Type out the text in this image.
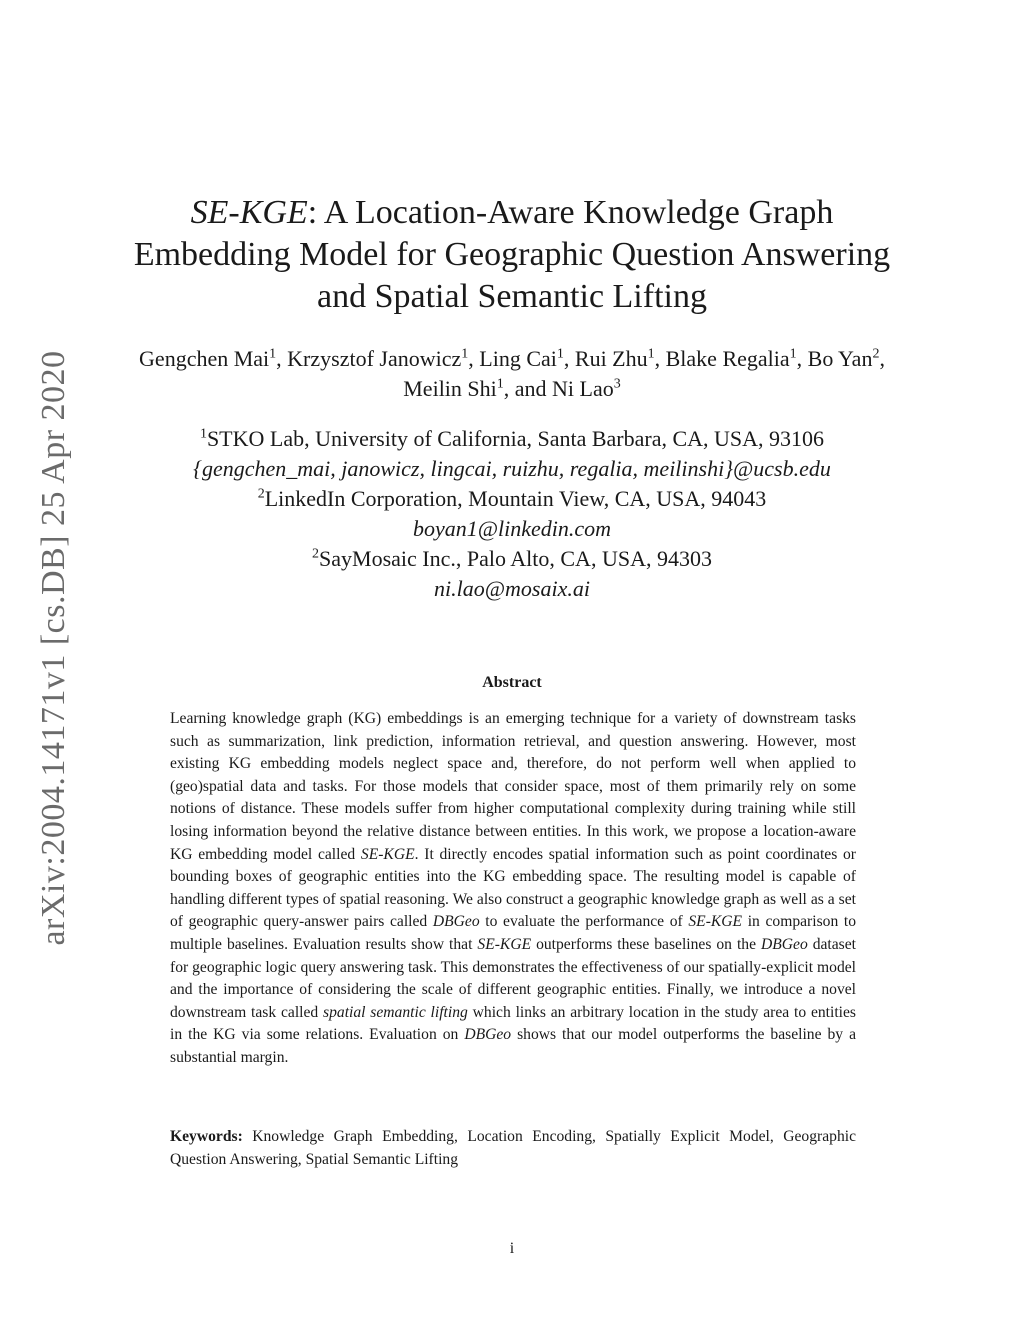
arXiv:2004.14171v1 [cs.DB] 25 Apr 2020
SE-KGE: A Location-Aware Knowledge Graph
Embedding Model for Geographic Question Answering
and Spatial Semantic Lifting
Gengchen Mai$^1$, Krzysztof Janowicz$^1$, Ling Cai$^1$, Rui Zhu$^1$, Blake Regalia$^1$, Bo Yan$^2$, Meilin Shi$^1$, and Ni Lao$^3$
$^1$STKO Lab, University of California, Santa Barbara, CA, USA, 93106
{gengchen_mai, janowicz, lingcai, ruizhu, regalia, meilinshi}@ucsb.edu
$^2$LinkedIn Corporation, Mountain View, CA, USA, 94043
boyan1@linkedin.com
$^2$SayMosaic Inc., Palo Alto, CA, USA, 94303
ni.lao@mosaix.ai
Abstract
Learning knowledge graph (KG) embeddings is an emerging technique for a variety of downstream tasks such as summarization, link prediction, information retrieval, and question answering. However, most existing KG embedding models neglect space and, therefore, do not perform well when applied to (geo)spatial data and tasks. For those models that consider space, most of them primarily rely on some notions of distance. These models suffer from higher computational complexity during training while still losing information beyond the relative distance between entities. In this work, we propose a location-aware KG embedding model called SE-KGE. It directly encodes spatial information such as point coordinates or bounding boxes of geographic entities into the KG embedding space. The resulting model is capable of handling different types of spatial reasoning. We also construct a geographic knowledge graph as well as a set of geographic query-answer pairs called DBGeo to evaluate the performance of SE-KGE in comparison to multiple baselines. Evaluation results show that SE-KGE outperforms these baselines on the DBGeo dataset for geographic logic query answering task. This demonstrates the effectiveness of our spatially-explicit model and the importance of considering the scale of different geographic entities. Finally, we introduce a novel downstream task called spatial semantic lifting which links an arbitrary location in the study area to entities in the KG via some relations. Evaluation on DBGeo shows that our model outperforms the baseline by a substantial margin.
Keywords: Knowledge Graph Embedding, Location Encoding, Spatially Explicit Model, Geographic Question Answering, Spatial Semantic Lifting
i
